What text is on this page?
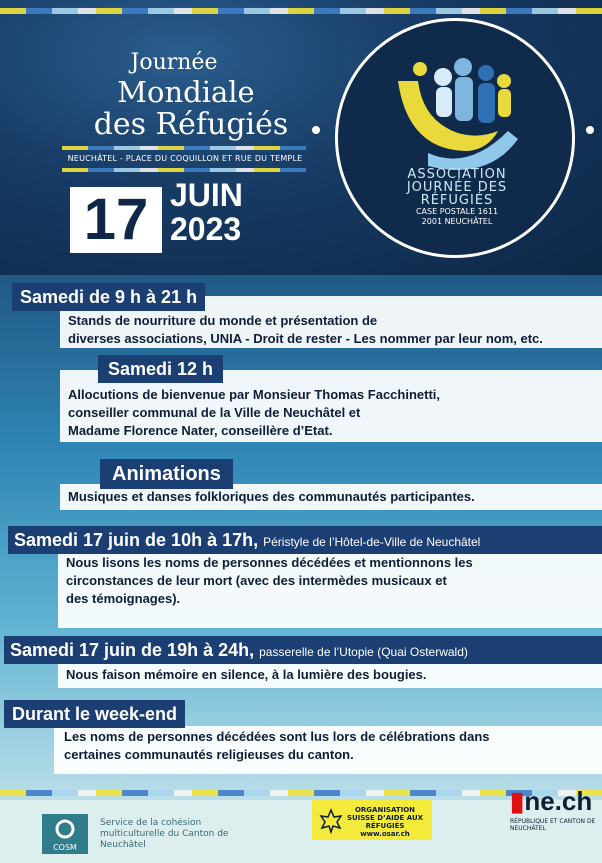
Journée
Mondiale
des Réfugiés
NEUCHÂTEL - PLACE DU COQUILLON ET RUE DU TEMPLE
17 JUIN
2023
ASSOCIATION
JOURNÉE DES
RÉFUGIÉS
CASE POSTALE 1611
2001 NEUCHÂTEL
Samedi de 9 h à 21 h
Stands de nourriture du monde et présentation de
diverses associations, UNIA - Droit de rester - Les nommer par leur nom, etc.
Samedi 12 h
Allocutions de bienvenue par Monsieur Thomas Facchinetti,
conseiller communal de la Ville de Neuchâtel et
Madame Florence Nater, conseillère d’Etat.
Animations
Musiques et danses folkloriques des communautés participantes.
Samedi 17 juin de 10h à 17h, Péristyle de l’Hôtel-de-Ville de Neuchâtel
Nous lisons les noms de personnes décédées et mentionnons les
circonstances de leur mort (avec des intermèdes musicaux et
des témoignages).
Samedi 17 juin de 19h à 24h, passerelle de l’Utopie (Quai Osterwald)
Nous faison mémoire en silence, à la lumière des bougies.
Durant le week-end
Les noms de personnes décédées sont lus lors de célébrations dans
certaines communautés religieuses du canton.
COSM
Service de la cohésion multiculturelle du Canton de Neuchâtel
ORGANISATION SUISSE D’AIDE AUX RÉFUGIÉS
www.osar.ch
▮ne.ch
RÉPUBLIQUE ET CANTON DE NEUCHÂTEL
